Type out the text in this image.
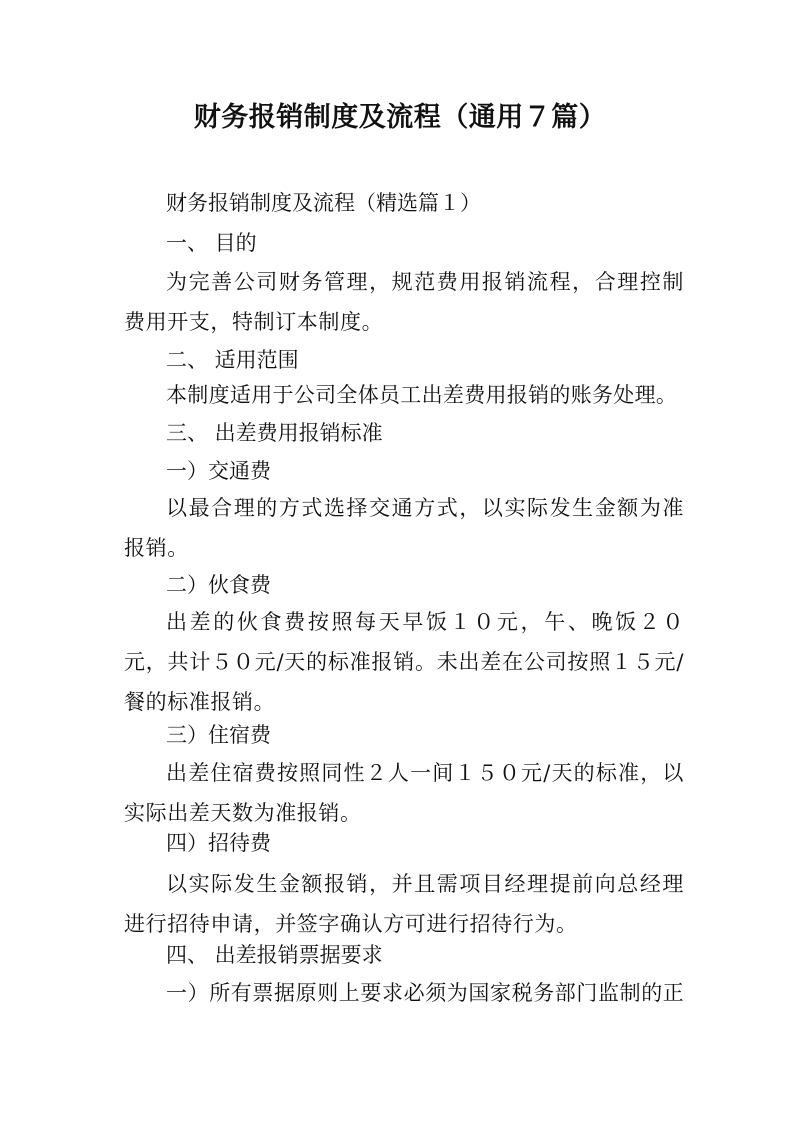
财务报销制度及流程（通用７篇）
财务报销制度及流程（精选篇１）
一、 目的
为完善公司财务管理，规范费用报销流程，合理控制费用开支，特制订本制度。
二、 适用范围
本制度适用于公司全体员工出差费用报销的账务处理。
三、 出差费用报销标准
一）交通费
以最合理的方式选择交通方式，以实际发生金额为准报销。
二）伙食费
出差的伙食费按照每天早饭１０元，午、晚饭２０元，共计５０元/天的标准报销。未出差在公司按照１５元/餐的标准报销。
三）住宿费
出差住宿费按照同性２人一间１５０元/天的标准，以实际出差天数为准报销。
四）招待费
以实际发生金额报销，并且需项目经理提前向总经理进行招待申请，并签字确认方可进行招待行为。
四、 出差报销票据要求
一）所有票据原则上要求必须为国家税务部门监制的正
